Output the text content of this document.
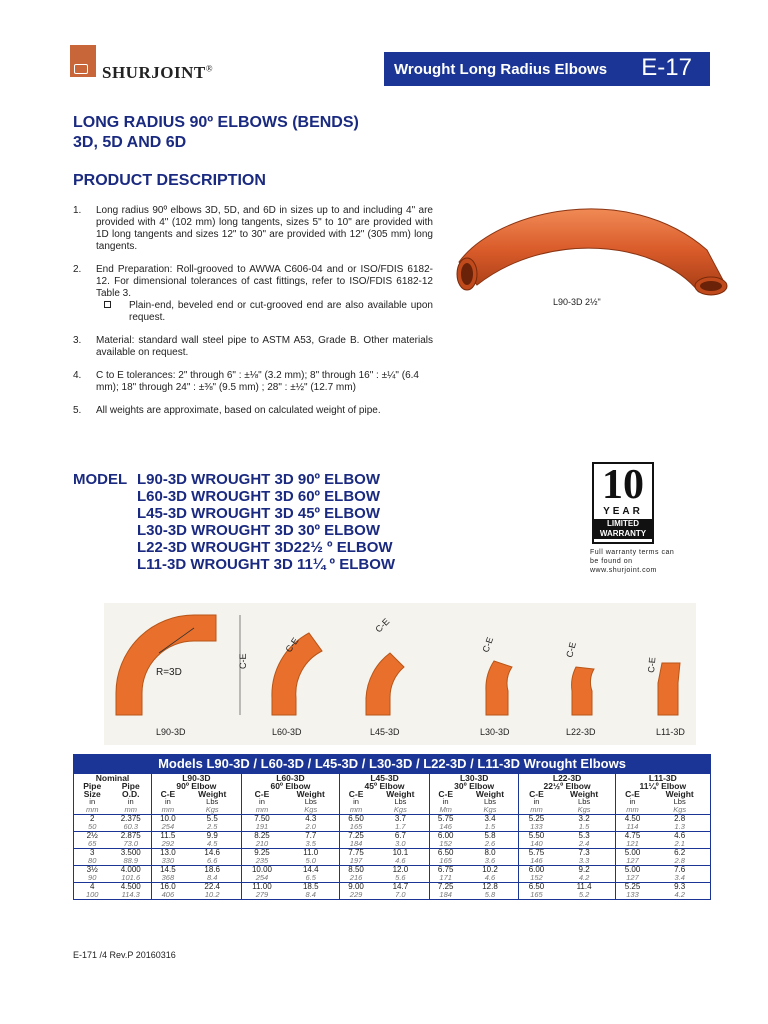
SHURJOINT®	Wrought Long Radius Elbows E-17
LONG RADIUS 90º ELBOWS (BENDS)
3D, 5D AND 6D
PRODUCT DESCRIPTION
1.	Long radius 90º elbows 3D, 5D, and 6D in sizes up to and including 4" are provided with 4" (102 mm) long tangents, sizes 5" to 10" are provided with 1D long tangents and sizes 12" to 30" are provided with 12" (305 mm) long tangents.
2.	End Preparation: Roll-grooved to AWWA C606-04 and or ISO/FDIS 6182-12. For dimensional tolerances of cast fittings, refer to ISO/FDIS 6182-12 Table 3.
Plain-end, beveled end or cut-grooved end are also available upon request.
3.	Material: standard wall steel pipe to ASTM A53, Grade B. Other materials available on request.
4.	C to E tolerances: 2" through 6" : ±⅛" (3.2 mm); 8" through 16" : ±¼" (6.4 mm); 18" through 24" : ±⅜" (9.5 mm) ; 28" : ±½" (12.7 mm)
5.	All weights are approximate, based on calculated weight of pipe.
L90-3D 2½"
MODEL L90-3D WROUGHT 3D 90º ELBOW
L60-3D WROUGHT 3D 60º ELBOW
L45-3D WROUGHT 3D 45º ELBOW
L30-3D WROUGHT 3D 30º ELBOW
L22-3D WROUGHT 3D22½ º ELBOW
L11-3D WROUGHT 3D 11¼ º ELBOW
10
YEAR
LIMITED
WARRANTY
Full warranty terms can be found on www.shurjoint.com
R=3D
C-E
L90-3D
C-E
L60-3D
C-E
L45-3D
C-E
L30-3D
C-E
L22-3D
C-E
L11-3D
Models L90-3D / L60-3D / L45-3D / L30-3D / L22-3D / L11-3D Wrought Elbows
Nominal		L90-3D		L60-3D		L45-3D		L30-3D		L22-3D		L11-3D	
Pipe	Pipe	90º Elbow		60º Elbow		45º Elbow		30º Elbow		22½º Elbow		11¼º Elbow	
Size	O.D.	C-E	Weight	C-E	Weight	C-E	Weight	C-E	Weight	C-E	Weight	C-E	Weight
in	in	in	Lbs	in	Lbs	in	Lbs	in	Lbs	in	Lbs	in	Lbs
mm	mm	mm	Kgs	mm	Kgs	mm	Kgs	Mm	Kgs	mm	Kgs	mm	Kgs
2	2.375	10.0	5.5	7.50	4.3	6.50	3.7	5.75	3.4	5.25	3.2	4.50	2.8
50	60.3	254	2.5	191	2.0	165	1.7	146	1.5	133	1.5	114	1.3
2½	2.875	11.5	9.9	8.25	7.7	7.25	6.7	6.00	5.8	5.50	5.3	4.75	4.6
65	73.0	292	4.5	210	3.5	184	3.0	152	2.6	140	2.4	121	2.1
3	3.500	13.0	14.6	9.25	11.0	7.75	10.1	6.50	8.0	5.75	7.3	5.00	6.2
80	88.9	330	6.6	235	5.0	197	4.6	165	3.6	146	3.3	127	2.8
3½	4.000	14.5	18.6	10.00	14.4	8.50	12.0	6.75	10.2	6.00	9.2	5.00	7.6
90	101.6	368	8.4	254	6.5	216	5.6	171	4.6	152	4.2	127	3.4
4	4.500	16.0	22.4	11.00	18.5	9.00	14.7	7.25	12.8	6.50	11.4	5.25	9.3
100	114.3	406	10.2	279	8.4	229	7.0	184	5.8	165	5.2	133	4.2
E-171 /4 Rev.P 20160316
